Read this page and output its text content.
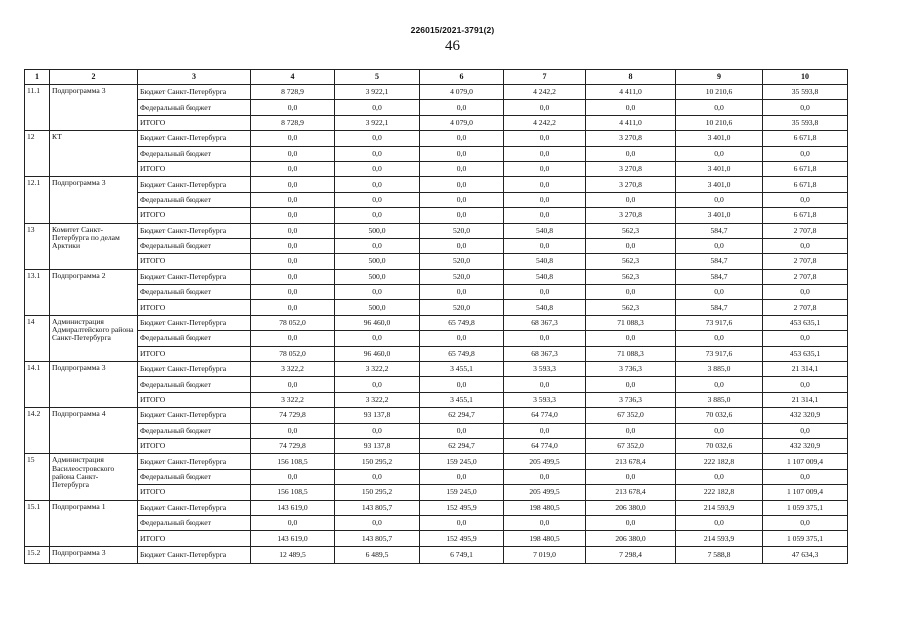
226015/2021-3791(2)
46
1	2	3	4	5	6	7	8	9	10
11.1	Подпрограмма 3	Бюджет Санкт-Петербурга	8 728,9	3 922,1	4 079,0	4 242,2	4 411,0	10 210,6	35 593,8
		Федеральный бюджет	0,0	0,0	0,0	0,0	0,0	0,0	0,0
		ИТОГО	8 728,9	3 922,1	4 079,0	4 242,2	4 411,0	10 210,6	35 593,8
12	КТ	Бюджет Санкт-Петербурга	0,0	0,0	0,0	0,0	3 270,8	3 401,0	6 671,8
		Федеральный бюджет	0,0	0,0	0,0	0,0	0,0	0,0	0,0
		ИТОГО	0,0	0,0	0,0	0,0	3 270,8	3 401,0	6 671,8
12.1	Подпрограмма 3	Бюджет Санкт-Петербурга	0,0	0,0	0,0	0,0	3 270,8	3 401,0	6 671,8
		Федеральный бюджет	0,0	0,0	0,0	0,0	0,0	0,0	0,0
		ИТОГО	0,0	0,0	0,0	0,0	3 270,8	3 401,0	6 671,8
13	Комитет Санкт-Петербурга по делам Арктики	Бюджет Санкт-Петербурга	0,0	500,0	520,0	540,8	562,3	584,7	2 707,8
		Федеральный бюджет	0,0	0,0	0,0	0,0	0,0	0,0	0,0
		ИТОГО	0,0	500,0	520,0	540,8	562,3	584,7	2 707,8
13.1	Подпрограмма 2	Бюджет Санкт-Петербурга	0,0	500,0	520,0	540,8	562,3	584,7	2 707,8
		Федеральный бюджет	0,0	0,0	0,0	0,0	0,0	0,0	0,0
		ИТОГО	0,0	500,0	520,0	540,8	562,3	584,7	2 707,8
14	Администрация Адмиралтейского района Санкт-Петербурга	Бюджет Санкт-Петербурга	78 052,0	96 460,0	65 749,8	68 367,3	71 088,3	73 917,6	453 635,1
		Федеральный бюджет	0,0	0,0	0,0	0,0	0,0	0,0	0,0
		ИТОГО	78 052,0	96 460,0	65 749,8	68 367,3	71 088,3	73 917,6	453 635,1
14.1	Подпрограмма 3	Бюджет Санкт-Петербурга	3 322,2	3 322,2	3 455,1	3 593,3	3 736,3	3 885,0	21 314,1
		Федеральный бюджет	0,0	0,0	0,0	0,0	0,0	0,0	0,0
		ИТОГО	3 322,2	3 322,2	3 455,1	3 593,3	3 736,3	3 885,0	21 314,1
14.2	Подпрограмма 4	Бюджет Санкт-Петербурга	74 729,8	93 137,8	62 294,7	64 774,0	67 352,0	70 032,6	432 320,9
		Федеральный бюджет	0,0	0,0	0,0	0,0	0,0	0,0	0,0
		ИТОГО	74 729,8	93 137,8	62 294,7	64 774,0	67 352,0	70 032,6	432 320,9
15	Администрация Василеостровского района Санкт-Петербурга	Бюджет Санкт-Петербурга	156 108,5	150 295,2	159 245,0	205 499,5	213 678,4	222 182,8	1 107 009,4
		Федеральный бюджет	0,0	0,0	0,0	0,0	0,0	0,0	0,0
		ИТОГО	156 108,5	150 295,2	159 245,0	205 499,5	213 678,4	222 182,8	1 107 009,4
15.1	Подпрограмма 1	Бюджет Санкт-Петербурга	143 619,0	143 805,7	152 495,9	198 480,5	206 380,0	214 593,9	1 059 375,1
		Федеральный бюджет	0,0	0,0	0,0	0,0	0,0	0,0	0,0
		ИТОГО	143 619,0	143 805,7	152 495,9	198 480,5	206 380,0	214 593,9	1 059 375,1
15.2	Подпрограмма 3	Бюджет Санкт-Петербурга	12 489,5	6 489,5	6 749,1	7 019,0	7 298,4	7 588,8	47 634,3
